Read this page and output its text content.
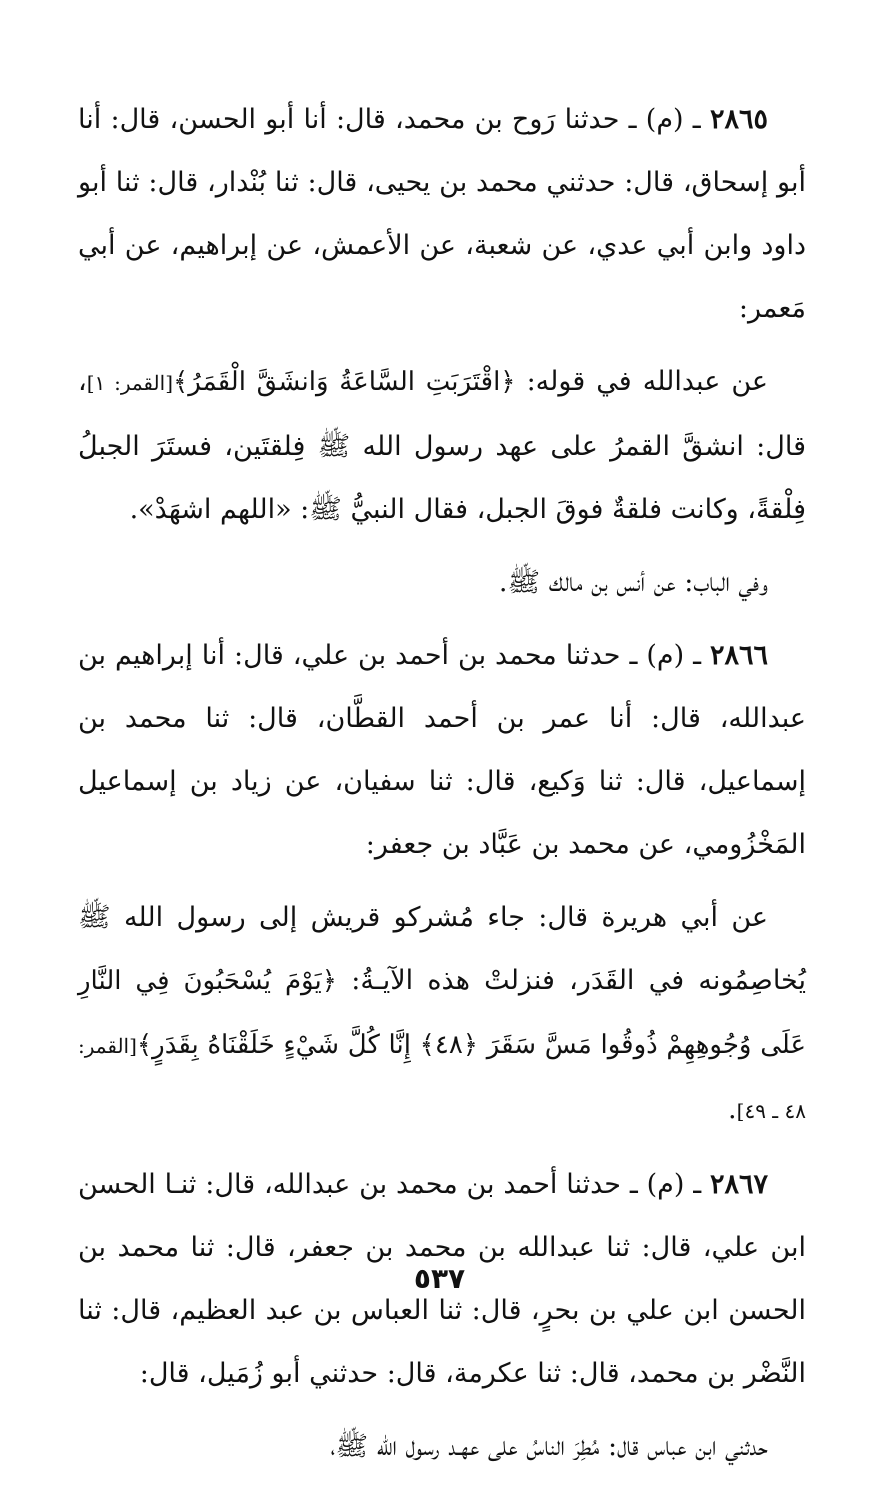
٢٨٦٥ ـ (م) ـ حدثنا رَوح بن محمد، قال: أنا أبو الحسن، قال: أنا أبو إسحاق، قال: حدثني محمد بن يحيى، قال: ثنا بُنْدار، قال: ثنا أبو داود وابن أبي عدي، عن شعبة، عن الأعمش، عن إبراهيم، عن أبي مَعمر:

عن عبدالله في قوله: ﴿اقْتَرَبَتِ السَّاعَةُ وَانشَقَّ الْقَمَرُ﴾[القمر: ١]، قال: انشقَّ القمرُ على عهد رسول الله ﷺ فِلقتَين، فستَرَ الجبلُ فِلْقةً، وكانت فلقةٌ فوقَ الجبل، فقال النبيُّ ﷺ: «اللهم اشهَدْ».

وفي الباب: عن أنس بن مالك ﷺ.

٢٨٦٦ ـ (م) ـ حدثنا محمد بن أحمد بن علي، قال: أنا إبراهيم بن عبدالله، قال: أنا عمر بن أحمد القطَّان، قال: ثنا محمد بن إسماعيل، قال: ثنا وَكيع، قال: ثنا سفيان، عن زياد بن إسماعيل المَخْزُومي، عن محمد بن عَبَّاد بن جعفر:

عن أبي هريرة قال: جاء مُشركو قريش إلى رسول الله ﷺ يُخاصِمُونه في القَدَر، فنزلتْ هذه الآيـةُ: ﴿يَوْمَ يُسْحَبُونَ فِي النَّارِ عَلَى وُجُوهِهِمْ ذُوقُوا مَسَّ سَقَرَ ﴿٤٨﴾ إِنَّا كُلَّ شَيْءٍ خَلَقْنَاهُ بِقَدَرٍ﴾[القمر: ٤٨ ـ ٤٩].

٢٨٦٧ ـ (م) ـ حدثنا أحمد بن محمد بن عبدالله، قال: ثنـا الحسن ابن علي، قال: ثنا عبدالله بن محمد بن جعفر، قال: ثنا محمد بن الحسن ابن علي بن بحرٍ، قال: ثنا العباس بن عبد العظيم، قال: ثنا النَّضْر بن محمد، قال: ثنا عكرمة، قال: حدثني أبو زُمَيل، قال:

حدثني ابن عباس قال: مُطِرَ الناسُ على عهـد رسول الله ﷺ،

٥٣٧
